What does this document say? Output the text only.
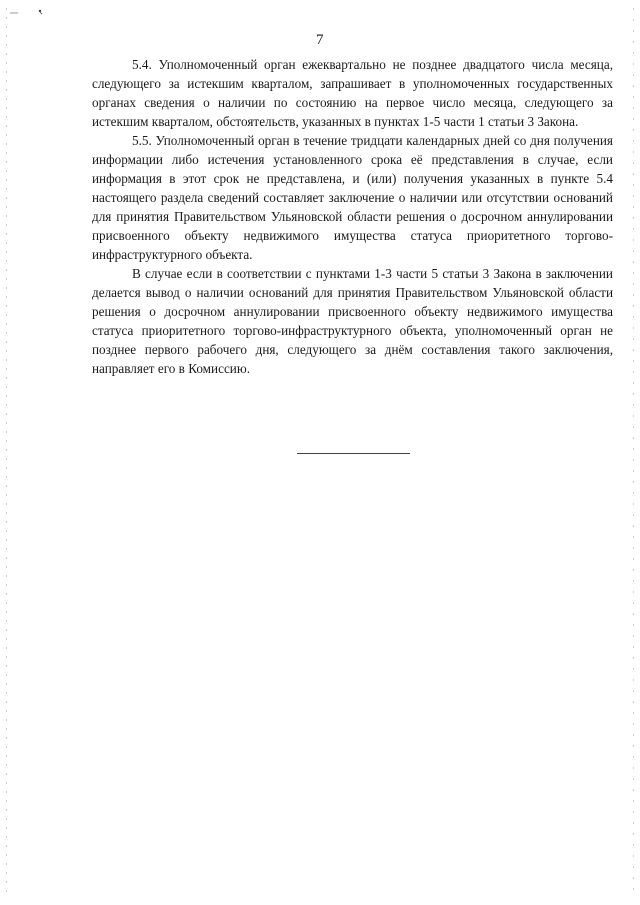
7

5.4. Уполномоченный орган ежеквартально не позднее двадцатого числа месяца, следующего за истекшим кварталом, запрашивает в уполномоченных государственных органах сведения о наличии по состоянию на первое число месяца, следующего за истекшим кварталом, обстоятельств, указанных в пунктах 1-5 части 1 статьи 3 Закона.

5.5. Уполномоченный орган в течение тридцати календарных дней со дня получения информации либо истечения установленного срока её представления в случае, если информация в этот срок не представлена, и (или) получения указанных в пункте 5.4 настоящего раздела сведений составляет заключение о наличии или отсутствии оснований для принятия Правительством Ульяновской области решения о досрочном аннулировании присвоенного объекту недвижимого имущества статуса приоритетного торгово-инфраструктурного объекта.

В случае если в соответствии с пунктами 1-3 части 5 статьи 3 Закона в заключении делается вывод о наличии оснований для принятия Правительством Ульяновской области решения о досрочном аннулировании присвоенного объекту недвижимого имущества статуса приоритетного торгово-инфраструктурного объекта, уполномоченный орган не позднее первого рабочего дня, следующего за днём составления такого заключения, направляет его в Комиссию.
